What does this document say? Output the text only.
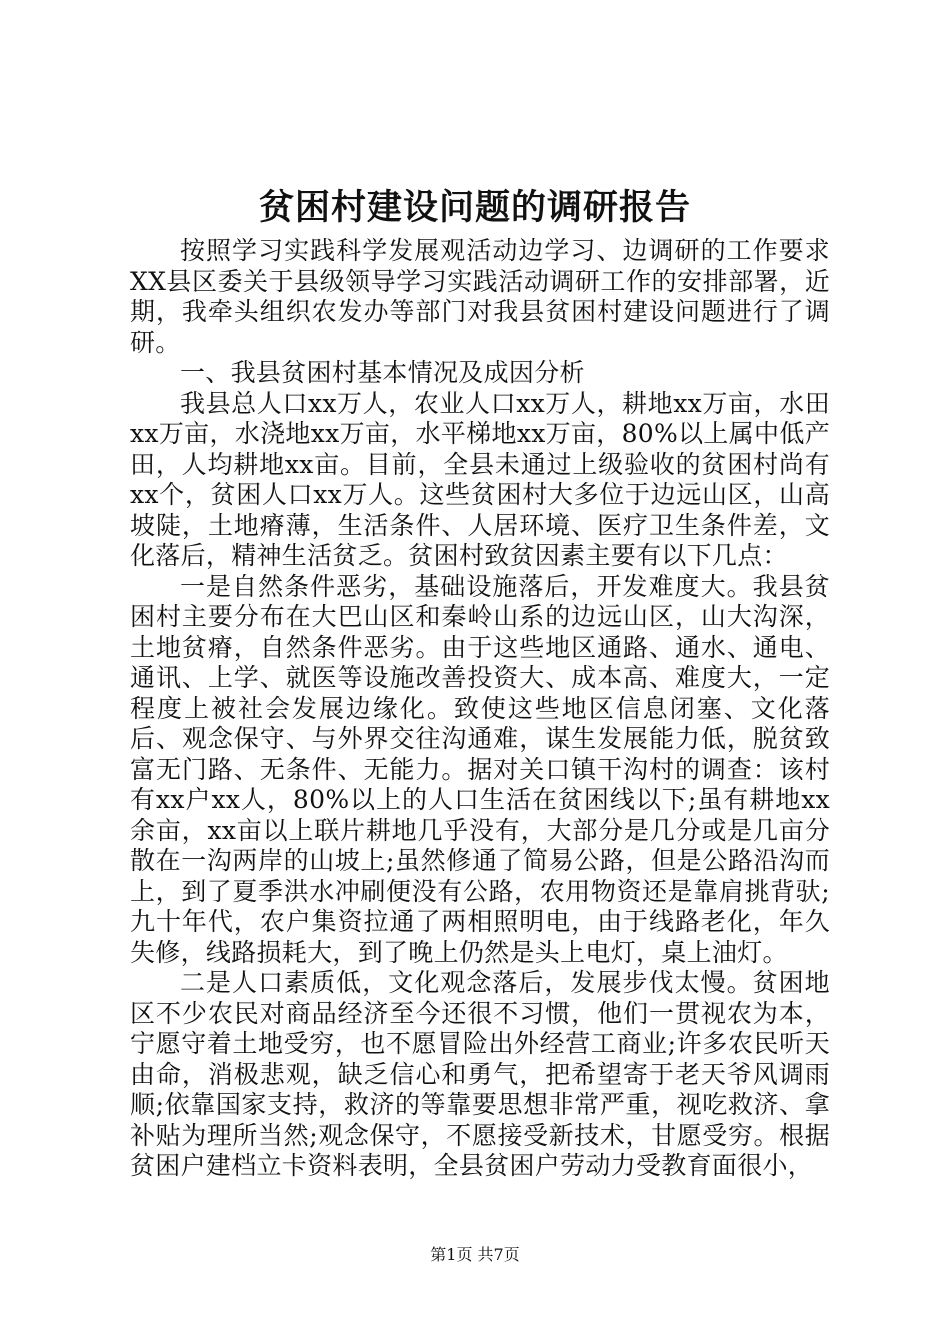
贫困村建设问题的调研报告

按照学习实践科学发展观活动边学习、边调研的工作要求XX县区委关于县级领导学习实践活动调研工作的安排部署，近期，我牵头组织农发办等部门对我县贫困村建设问题进行了调研。

一、我县贫困村基本情况及成因分析

我县总人口xx万人，农业人口xx万人，耕地xx万亩，水田xx万亩，水浇地xx万亩，水平梯地xx万亩，80%以上属中低产田，人均耕地xx亩。目前，全县未通过上级验收的贫困村尚有xx个，贫困人口xx万人。这些贫困村大多位于边远山区，山高坡陡，土地瘠薄，生活条件、人居环境、医疗卫生条件差，文化落后，精神生活贫乏。贫困村致贫因素主要有以下几点：

一是自然条件恶劣，基础设施落后，开发难度大。我县贫困村主要分布在大巴山区和秦岭山系的边远山区，山大沟深，土地贫瘠，自然条件恶劣。由于这些地区通路、通水、通电、通讯、上学、就医等设施改善投资大、成本高、难度大，一定程度上被社会发展边缘化。致使这些地区信息闭塞、文化落后、观念保守、与外界交往沟通难，谋生发展能力低，脱贫致富无门路、无条件、无能力。据对关口镇干沟村的调查：该村有xx户xx人，80%以上的人口生活在贫困线以下;虽有耕地xx余亩，xx亩以上联片耕地几乎没有，大部分是几分或是几亩分散在一沟两岸的山坡上;虽然修通了简易公路，但是公路沿沟而上，到了夏季洪水冲刷便没有公路，农用物资还是靠肩挑背驮;九十年代，农户集资拉通了两相照明电，由于线路老化，年久失修，线路损耗大，到了晚上仍然是头上电灯，桌上油灯。

二是人口素质低，文化观念落后，发展步伐太慢。贫困地区不少农民对商品经济至今还很不习惯，他们一贯视农为本，宁愿守着土地受穷，也不愿冒险出外经营工商业;许多农民听天由命，消极悲观，缺乏信心和勇气，把希望寄于老天爷风调雨顺;依靠国家支持，救济的等靠要思想非常严重，视吃救济、拿补贴为理所当然;观念保守，不愿接受新技术，甘愿受穷。根据贫困户建档立卡资料表明，全县贫困户劳动力受教育面很小，

第1页 共7页
